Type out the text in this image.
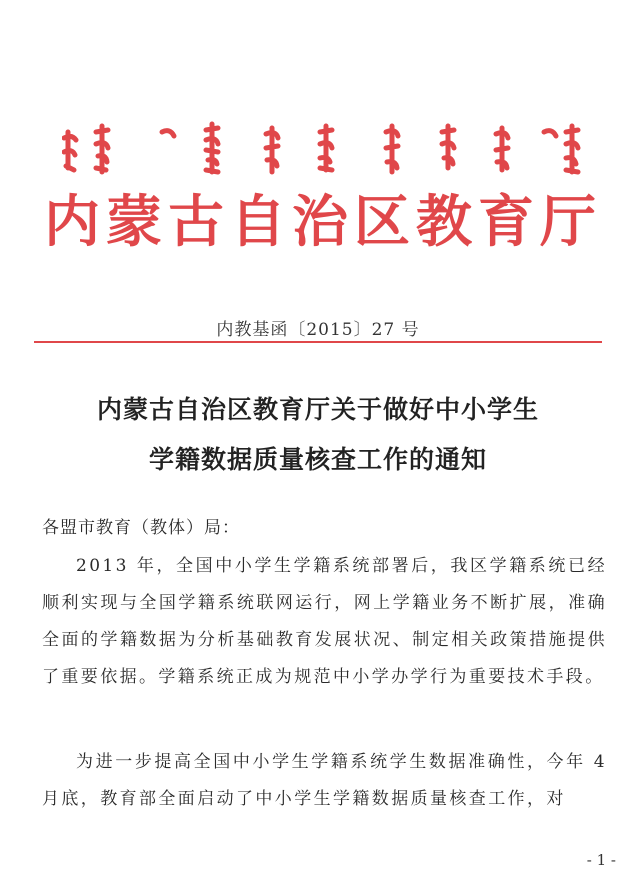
内蒙古自治区教育厅
内教基函〔2015〕27 号
内蒙古自治区教育厅关于做好中小学生
学籍数据质量核查工作的通知
各盟市教育（教体）局：
2013 年，全国中小学生学籍系统部署后，我区学籍系统已经顺利实现与全国学籍系统联网运行，网上学籍业务不断扩展，准确全面的学籍数据为分析基础教育发展状况、制定相关政策措施提供了重要依据。学籍系统正成为规范中小学办学行为重要技术手段。
为进一步提高全国中小学生学籍系统学生数据准确性，今年 4 月底，教育部全面启动了中小学生学籍数据质量核查工作，对
- 1 -
